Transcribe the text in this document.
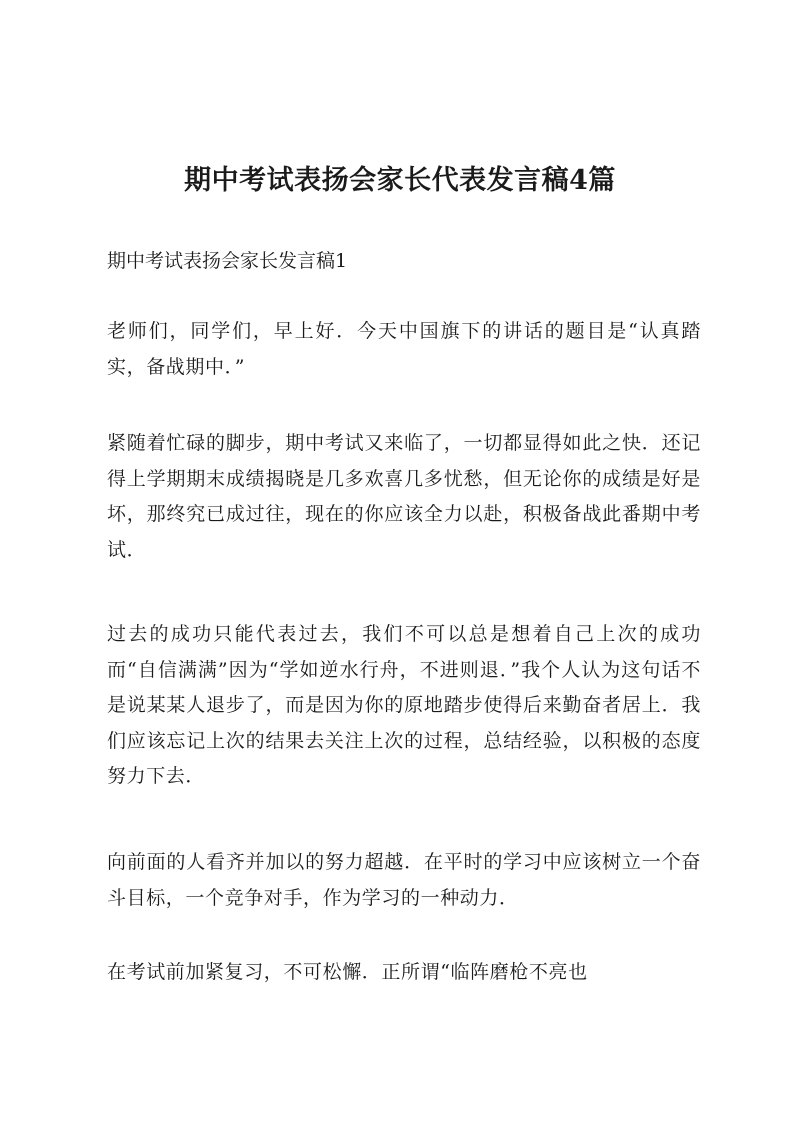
期中考试表扬会家长代表发言稿4篇

期中考试表扬会家长发言稿1

老师们，同学们，早上好．今天中国旗下的讲话的题目是“认真踏实，备战期中．”

紧随着忙碌的脚步，期中考试又来临了，一切都显得如此之快．还记得上学期期末成绩揭晓是几多欢喜几多忧愁，但无论你的成绩是好是坏，那终究已成过往，现在的你应该全力以赴，积极备战此番期中考试．

过去的成功只能代表过去，我们不可以总是想着自己上次的成功而“自信满满”因为“学如逆水行舟，不进则退．”我个人认为这句话不是说某某人退步了，而是因为你的原地踏步使得后来勤奋者居上．我们应该忘记上次的结果去关注上次的过程，总结经验，以积极的态度努力下去．

向前面的人看齐并加以的努力超越．在平时的学习中应该树立一个奋斗目标，一个竞争对手，作为学习的一种动力．

在考试前加紧复习，不可松懈．正所谓“临阵磨枪不亮也
